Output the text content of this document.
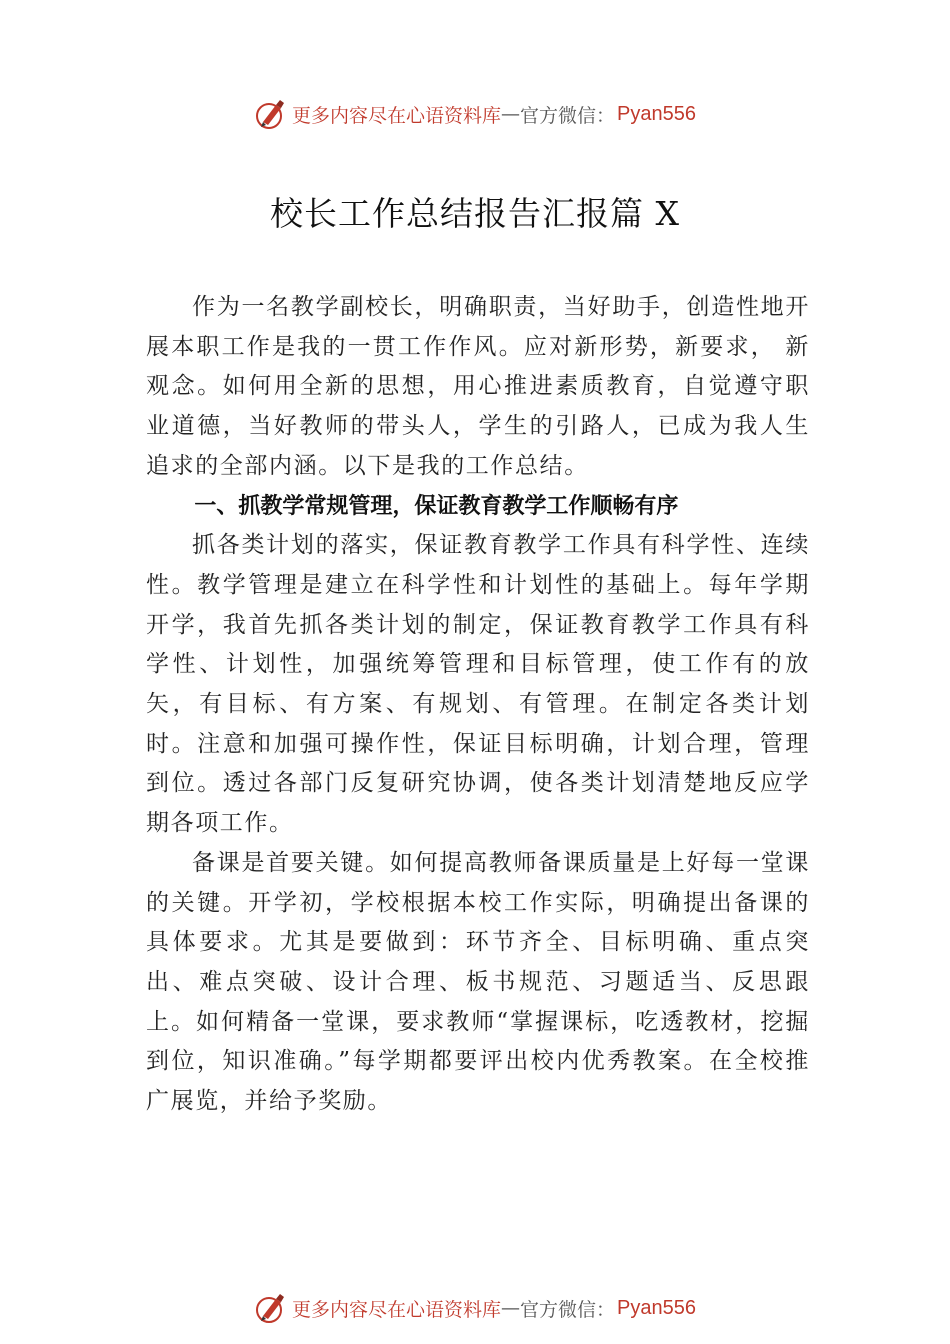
更多内容尽在心语资料库 — 官方微信： Pyan556
校长工作总结报告汇报篇 X

作为一名教学副校长，明确职责，当好助手，创造性地开展本职工作是我的一贯工作作风。应对新形势，新要求， 新观念。如何用全新的思想，用心推进素质教育，自觉遵守职业道德，当好教师的带头人，学生的引路人，已成为我人生追求的全部内涵。以下是我的工作总结。

一、抓教学常规管理，保证教育教学工作顺畅有序

抓各类计划的落实，保证教育教学工作具有科学性、连续性。教学管理是建立在科学性和计划性的基础上。每年学期开学，我首先抓各类计划的制定，保证教育教学工作具有科学性、计划性，加强统筹管理和目标管理，使工作有的放矢，有目标、有方案、有规划、有管理。在制定各类计划时。注意和加强可操作性，保证目标明确，计划合理，管理到位。透过各部门反复研究协调，使各类计划清楚地反应学期各项工作。

备课是首要关键。如何提高教师备课质量是上好每一堂课的关键。开学初，学校根据本校工作实际，明确提出备课的具体要求。尤其是要做到：环节齐全、目标明确、重点突出、难点突破、设计合理、板书规范、习题适当、反思跟上。如何精备一堂课，要求教师“掌握课标，吃透教材，挖掘到位，知识准确。”每学期都要评出校内优秀教案。在全校推广展览，并给予奖励。

更多内容尽在心语资料库 — 官方微信： Pyan556
